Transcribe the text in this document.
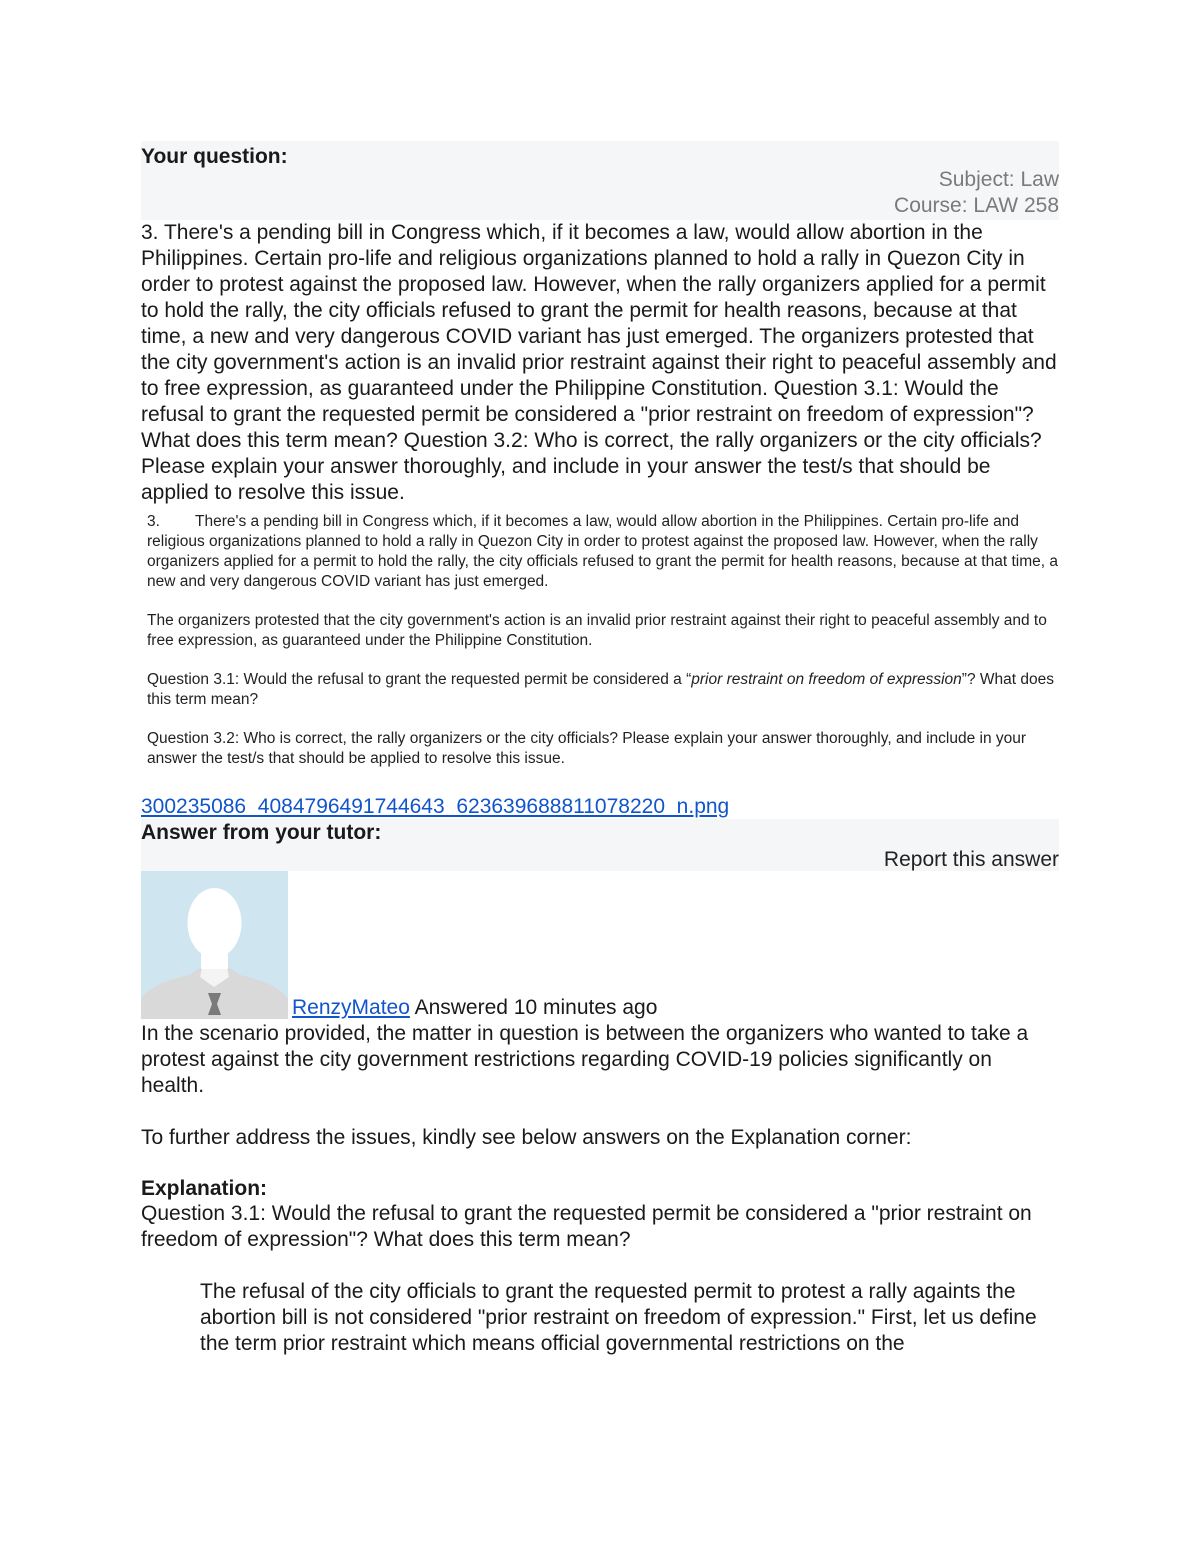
Your question:
Subject: Law
Course: LAW 258

3. There's a pending bill in Congress which, if it becomes a law, would allow abortion in the Philippines. Certain pro-life and religious organizations planned to hold a rally in Quezon City in order to protest against the proposed law. However, when the rally organizers applied for a permit to hold the rally, the city officials refused to grant the permit for health reasons, because at that time, a new and very dangerous COVID variant has just emerged. The organizers protested that the city government's action is an invalid prior restraint against their right to peaceful assembly and to free expression, as guaranteed under the Philippine Constitution. Question 3.1: Would the refusal to grant the requested permit be considered a "prior restraint on freedom of expression"? What does this term mean? Question 3.2: Who is correct, the rally organizers or the city officials? Please explain your answer thoroughly, and include in your answer the test/s that should be applied to resolve this issue.

3. There's a pending bill in Congress which, if it becomes a law, would allow abortion in the Philippines. Certain pro-life and religious organizations planned to hold a rally in Quezon City in order to protest against the proposed law. However, when the rally organizers applied for a permit to hold the rally, the city officials refused to grant the permit for health reasons, because at that time, a new and very dangerous COVID variant has just emerged.

The organizers protested that the city government's action is an invalid prior restraint against their right to peaceful assembly and to free expression, as guaranteed under the Philippine Constitution.

Question 3.1: Would the refusal to grant the requested permit be considered a “prior restraint on freedom of expression”? What does this term mean?

Question 3.2: Who is correct, the rally organizers or the city officials? Please explain your answer thoroughly, and include in your answer the test/s that should be applied to resolve this issue.

300235086_4084796491744643_623639688811078220_n.png
Answer from your tutor:
Report this answer
RenzyMateo Answered 10 minutes ago

In the scenario provided, the matter in question is between the organizers who wanted to take a protest against the city government restrictions regarding COVID-19 policies significantly on health.

To further address the issues, kindly see below answers on the Explanation corner:

Explanation:

Question 3.1: Would the refusal to grant the requested permit be considered a "prior restraint on freedom of expression"? What does this term mean?

The refusal of the city officials to grant the requested permit to protest a rally againts the abortion bill is not considered "prior restraint on freedom of expression." First, let us define the term prior restraint which means official governmental restrictions on the
